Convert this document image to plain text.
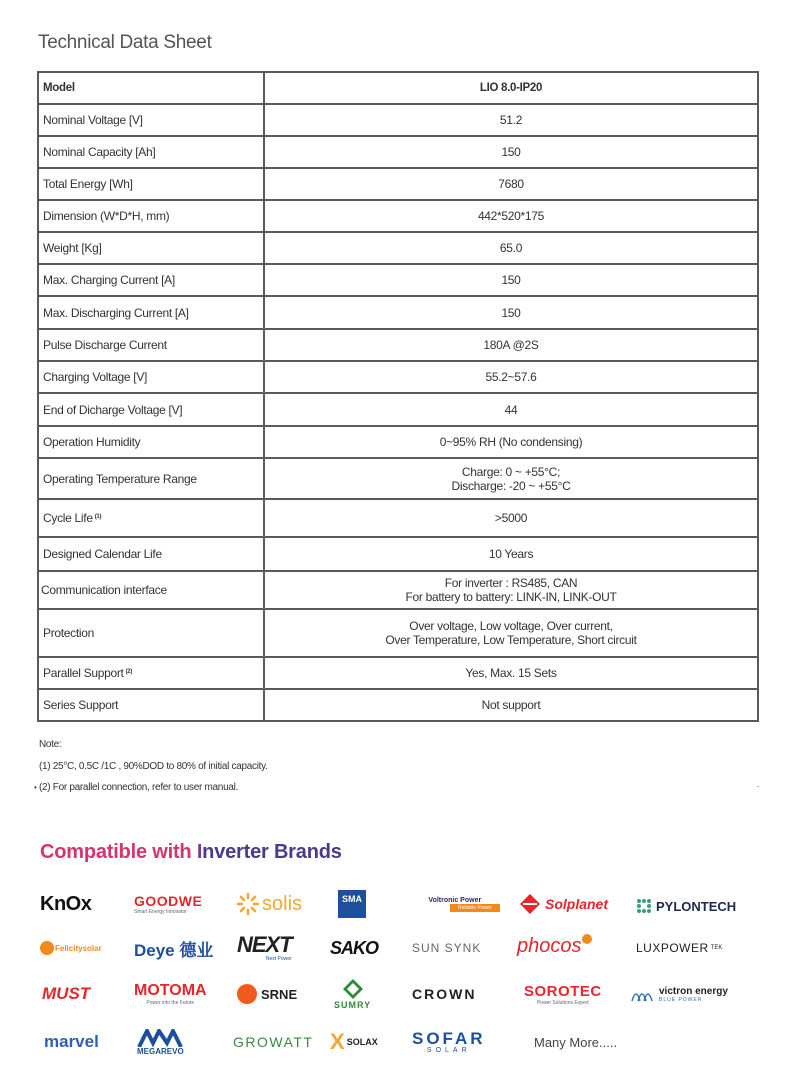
Technical Data Sheet
Model	LIO 8.0-IP20
Nominal Voltage [V]	51.2
Nominal Capacity [Ah]	150
Total Energy [Wh]	7680
Dimension (W*D*H, mm)	442*520*175
Weight [Kg]	65.0
Max. Charging Current [A]	150
Max. Discharging Current [A]	150
Pulse Discharge Current	180A @2S
Charging Voltage [V]	55.2~57.6
End of Dicharge Voltage [V]	44
Operation Humidity	0~95% RH (No condensing)
Operating Temperature Range	Charge: 0 ~ +55°C;
Discharge: -20 ~ +55°C
Cycle Life $^{(1)}$	>5000
Designed Calendar Life	10 Years
Communication interface	For inverter : RS485, CAN
For battery to battery: LINK-IN, LINK-OUT
Protection	Over voltage, Low voltage, Over current,
Over Temperature, Low Temperature, Short circuit
Parallel Support $^{(2)}$	Yes, Max. 15 Sets
Series Support	Not support
Note:
(1) 25°C, 0.5C /1C , 90%DOD to 80% of initial capacity.
(2) For parallel connection, refer to user manual.
•	.
Compatible with Inverter Brands
KnOx	GOODWE
Smart Energy Innovator	solis	SMA	Voltronic Power
Reliable Power	Solplanet	PYLONTECH
Felicitysolar Deye 德业 NEXT
Next Power
SAKO	SUN SYNK phocos	LUXPOWER TEK
MUST	MOTOMA
Power into the Future
SRNE
SUMRY
CROWN	SOROTEC
Power Solutions Expert
victron energy
BLUE POWER
marvel	MEGAREVO
GROWATT X SOLAX SOFAR
SOLAR
Many More.....
